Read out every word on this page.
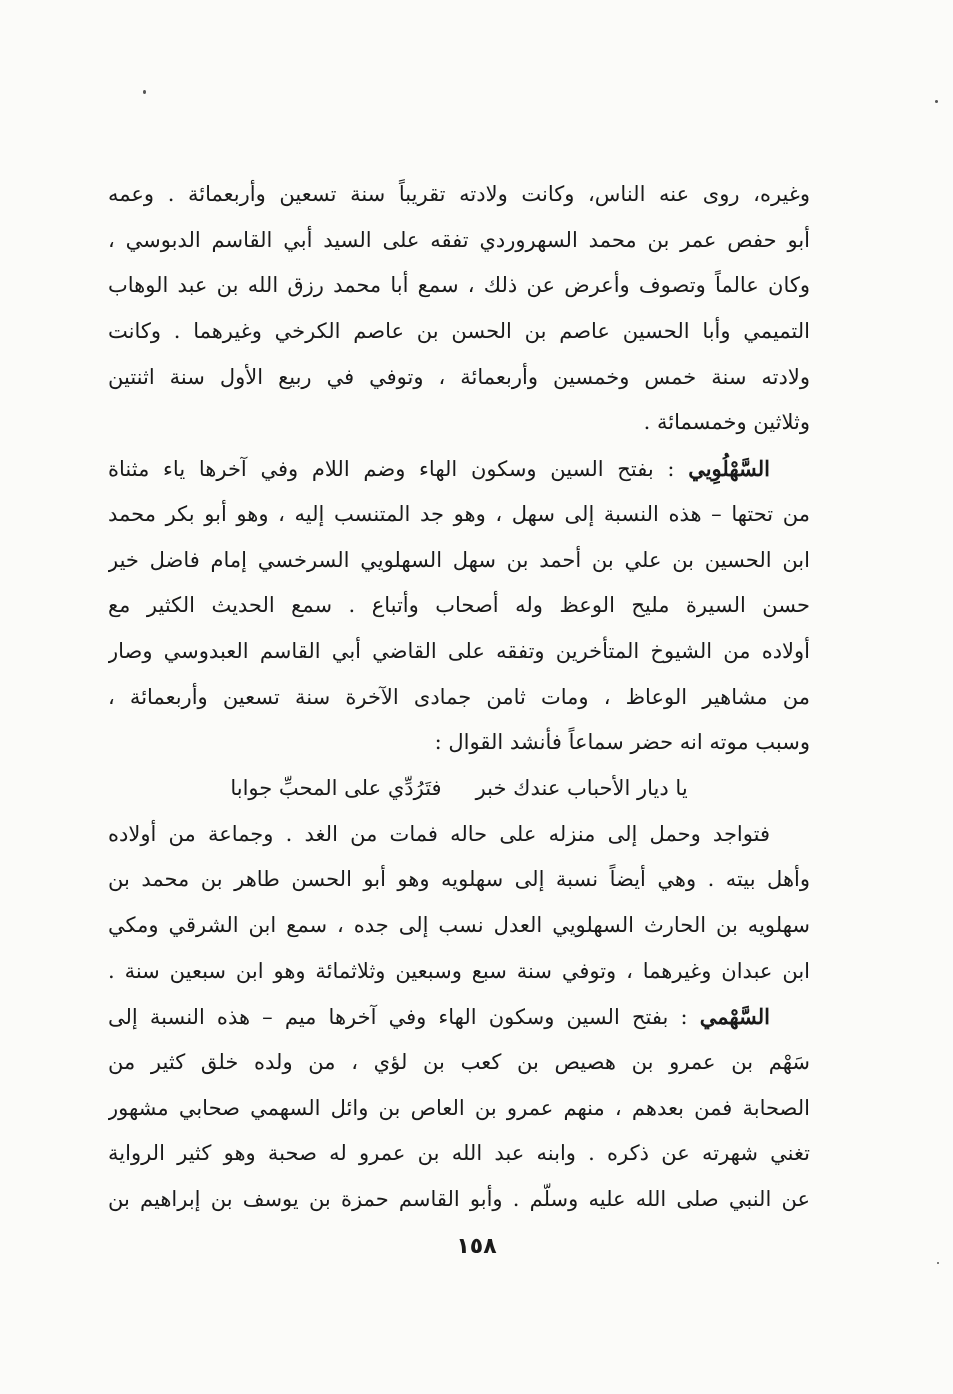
وغيره، روى عنه الناس، وكانت ولادته تقريباً سنة تسعين وأربعمائة . وعمه
أبو حفص عمر بن محمد السهروردي تفقه على السيد أبي القاسم الدبوسي ،
وكان عالماً وتصوف وأعرض عن ذلك ، سمع أبا محمد رزق الله بن عبد الوهاب
التميمي وأبا الحسين عاصم بن الحسن بن عاصم الكرخي وغيرهما . وكانت
ولادته سنة خمس وخمسين وأربعمائة ، وتوفي في ربيع الأول سنة اثنتين
وثلاثين وخمسمائة .
السَّهْلُوِيي : بفتح السين وسكون الهاء وضم اللام وفي آخرها ياء مثناة
من تحتها – هذه النسبة إلى سهل ، وهو جد المتنسب إليه ، وهو أبو بكر محمد
ابن الحسين بن علي بن أحمد بن سهل السهلويي السرخسي إمام فاضل خير
حسن السيرة مليح الوعظ وله أصحاب وأتباع . سمع الحديث الكثير مع
أولاده من الشيوخ المتأخرين وتفقه على القاضي أبي القاسم العبدوسي وصار
من مشاهير الوعاظ ، ومات ثامن جمادى الآخرة سنة تسعين وأربعمائة ،
وسبب موته انه حضر سماعاً فأنشد القوال :
يا ديار الأحباب عندك خبر
فتَرُدِّي على المحبِّ جوابا
فتواجد وحمل إلى منزله على حاله فمات من الغد . وجماعة من أولاده
وأهل بيته . وهي أيضاً نسبة إلى سهلويه وهو أبو الحسن طاهر بن محمد بن
سهلويه بن الحارث السهلويي العدل نسب إلى جده ، سمع ابن الشرقي ومكي
ابن عبدان وغيرهما ، وتوفي سنة سبع وسبعين وثلاثمائة وهو ابن سبعين سنة .
السَّهْمي : بفتح السين وسكون الهاء وفي آخرها ميم – هذه النسبة إلى
سَهْم بن عمرو بن هصيص بن كعب بن لؤي ، من ولده خلق كثير من
الصحابة فمن بعدهم ، منهم عمرو بن العاص بن وائل السهمي صحابي مشهور
تغني شهرته عن ذكره . وابنه عبد الله بن عمرو له صحبة وهو كثير الرواية
عن النبي صلى الله عليه وسلّم . وأبو القاسم حمزة بن يوسف بن إبراهيم بن
١٥٨
